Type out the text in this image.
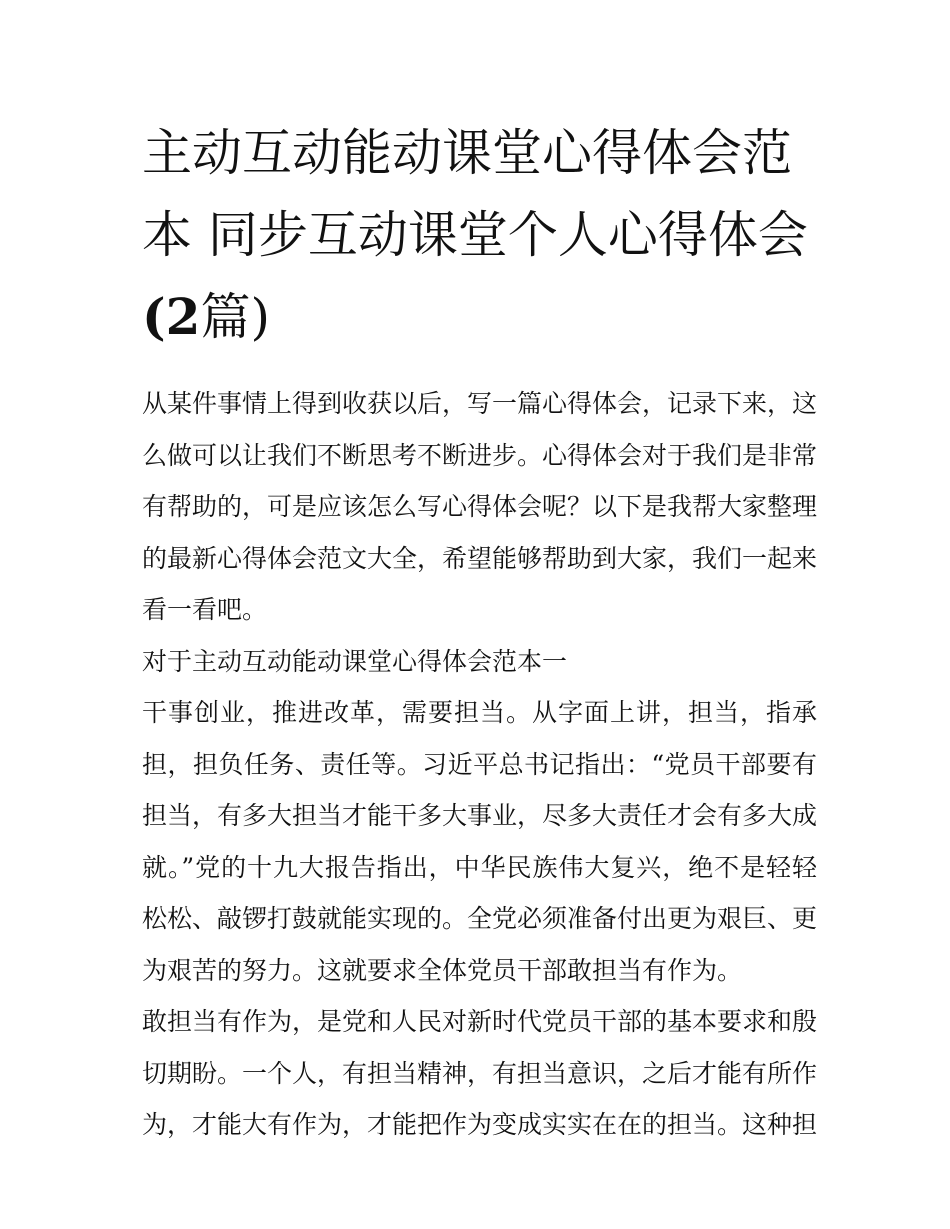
主动互动能动课堂心得体会范本 同步互动课堂个人心得体会(2篇)

从某件事情上得到收获以后，写一篇心得体会，记录下来，这么做可以让我们不断思考不断进步。心得体会对于我们是非常有帮助的，可是应该怎么写心得体会呢？以下是我帮大家整理的最新心得体会范文大全，希望能够帮助到大家，我们一起来看一看吧。

对于主动互动能动课堂心得体会范本一

干事创业，推进改革，需要担当。从字面上讲，担当，指承担，担负任务、责任等。习近平总书记指出：“党员干部要有担当，有多大担当才能干多大事业，尽多大责任才会有多大成就。”党的十九大报告指出，中华民族伟大复兴，绝不是轻轻松松、敲锣打鼓就能实现的。全党必须准备付出更为艰巨、更为艰苦的努力。这就要求全体党员干部敢担当有作为。

敢担当有作为，是党和人民对新时代党员干部的基本要求和殷切期盼。一个人，有担当精神，有担当意识，之后才能有所作为，才能大有作为，才能把作为变成实实在在的担当。这种担
